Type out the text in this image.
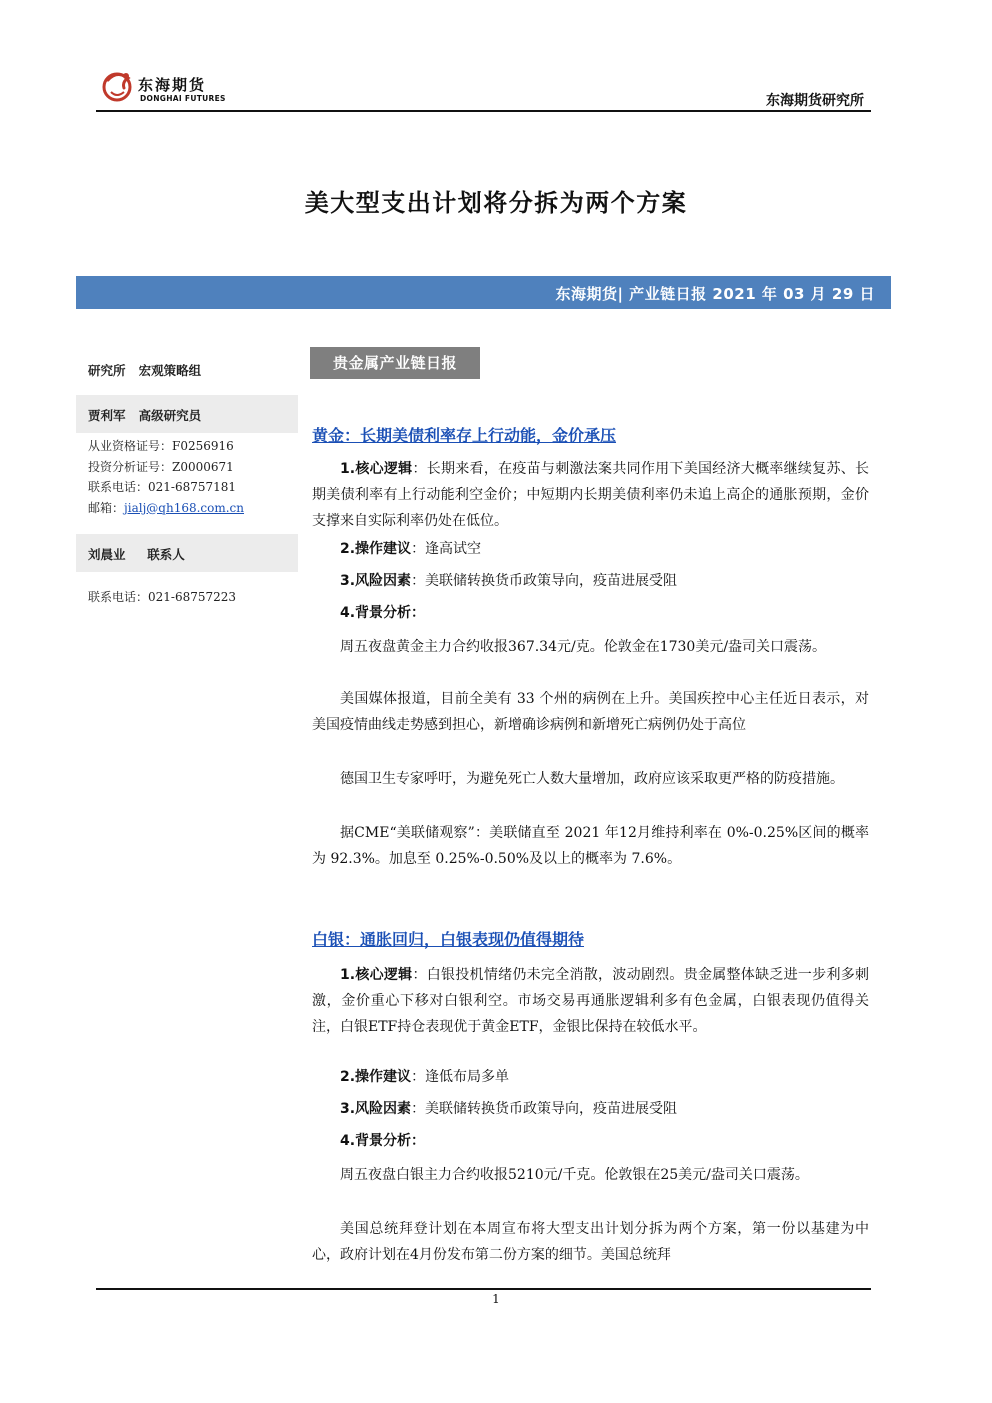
东海期货
DONGHAI FUTURES	东海期货研究所
美大型支出计划将分拆为两个方案
东海期货| 产业链日报 2021 年 03 月 29 日
研究所 宏观策略组
贾利军 高级研究员
从业资格证号：F0256916
投资分析证号：Z0000671
联系电话：021-68757181
邮箱：jialj@qh168.com.cn
刘晨业 联系人
联系电话：021-68757223
贵金属产业链日报
黄金：长期美债利率存上行动能，金价承压
1.核心逻辑：长期来看，在疫苗与刺激法案共同作用下美国经济大概率继续复苏、长期美债利率有上行动能利空金价；中短期内长期美债利率仍未追上高企的通胀预期，金价支撑来自实际利率仍处在低位。
2.操作建议：逢高试空
3.风险因素：美联储转换货币政策导向，疫苗进展受阻
4.背景分析：
周五夜盘黄金主力合约收报367.34元/克。伦敦金在1730美元/盎司关口震荡。
美国媒体报道，目前全美有 33 个州的病例在上升。美国疾控中心主任近日表示，对美国疫情曲线走势感到担心，新增确诊病例和新增死亡病例仍处于高位
德国卫生专家呼吁，为避免死亡人数大量增加，政府应该采取更严格的防疫措施。
据CME“美联储观察”：美联储直至 2021 年12月维持利率在 0%-0.25%区间的概率为 92.3%。加息至 0.25%-0.50%及以上的概率为 7.6%。
白银：通胀回归，白银表现仍值得期待
1.核心逻辑：白银投机情绪仍未完全消散，波动剧烈。贵金属整体缺乏进一步利多刺激，金价重心下移对白银利空。市场交易再通胀逻辑利多有色金属，白银表现仍值得关注，白银ETF持仓表现优于黄金ETF，金银比保持在较低水平。
2.操作建议：逢低布局多单
3.风险因素：美联储转换货币政策导向，疫苗进展受阻
4.背景分析：
周五夜盘白银主力合约收报5210元/千克。伦敦银在25美元/盎司关口震荡。
美国总统拜登计划在本周宣布将大型支出计划分拆为两个方案，第一份以基建为中心，政府计划在4月份发布第二份方案的细节。美国总统拜
1
